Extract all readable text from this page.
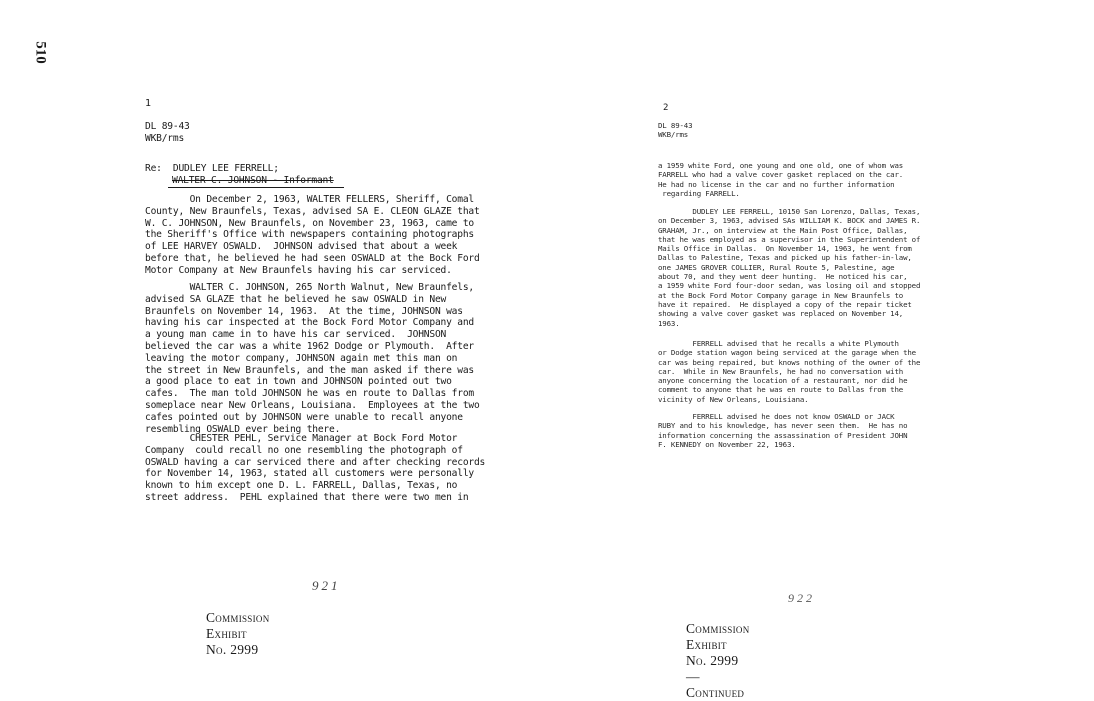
510
1
DL 89-43
WKB/rms
Re:  DUDLEY LEE FERRELL;
WALTER C. JOHNSON - Informant
On December 2, 1963, WALTER FELLERS, Sheriff, Comal
County, New Braunfels, Texas, advised SA E. CLEON GLAZE that
W. C. JOHNSON, New Braunfels, on November 23, 1963, came to
the Sheriff's Office with newspapers containing photographs
of LEE HARVEY OSWALD.  JOHNSON advised that about a week
before that, he believed he had seen OSWALD at the Bock Ford
Motor Company at New Braunfels having his car serviced.
WALTER C. JOHNSON, 265 North Walnut, New Braunfels,
advised SA GLAZE that he believed he saw OSWALD in New
Braunfels on November 14, 1963.  At the time, JOHNSON was
having his car inspected at the Bock Ford Motor Company and
a young man came in to have his car serviced.  JOHNSON
believed the car was a white 1962 Dodge or Plymouth.  After
leaving the motor company, JOHNSON again met this man on
the street in New Braunfels, and the man asked if there was
a good place to eat in town and JOHNSON pointed out two
cafes.  The man told JOHNSON he was en route to Dallas from
someplace near New Orleans, Louisiana.  Employees at the two
cafes pointed out by JOHNSON were unable to recall anyone
resembling OSWALD ever being there.
CHESTER PEHL, Service Manager at Bock Ford Motor
Company  could recall no one resembling the photograph of
OSWALD having a car serviced there and after checking records
for November 14, 1963, stated all customers were personally
known to him except one D. L. FARRELL, Dallas, Texas, no
street address.  PEHL explained that there were two men in
921
Commission Exhibit No. 2999
2
DL 89-43
WKB/rms
a 1959 white Ford, one young and one old, one of whom was
FARRELL who had a valve cover gasket replaced on the car.
He had no license in the car and no further information
regarding FARRELL.
DUDLEY LEE FERRELL, 10150 San Lorenzo, Dallas, Texas,
on December 3, 1963, advised SAs WILLIAM K. BOCK and JAMES R.
GRAHAM, Jr., on interview at the Main Post Office, Dallas,
that he was employed as a supervisor in the Superintendent of
Mails Office in Dallas.  On November 14, 1963, he went from
Dallas to Palestine, Texas and picked up his father-in-law,
one JAMES GROVER COLLIER, Rural Route 5, Palestine, age
about 70, and they went deer hunting.  He noticed his car,
a 1959 white Ford four-door sedan, was losing oil and stopped
at the Bock Ford Motor Company garage in New Braunfels to
have it repaired.  He displayed a copy of the repair ticket
showing a valve cover gasket was replaced on November 14,
1963.
FERRELL advised that he recalls a white Plymouth
or Dodge station wagon being serviced at the garage when the
car was being repaired, but knows nothing of the owner of the
car.  While in New Braunfels, he had no conversation with
anyone concerning the location of a restaurant, nor did he
comment to anyone that he was en route to Dallas from the
vicinity of New Orleans, Louisiana.
FERRELL advised he does not know OSWALD or JACK
RUBY and to his knowledge, has never seen them.  He has no
information concerning the assassination of President JOHN
F. KENNEDY on November 22, 1963.
922
Commission Exhibit No. 2999—Continued
